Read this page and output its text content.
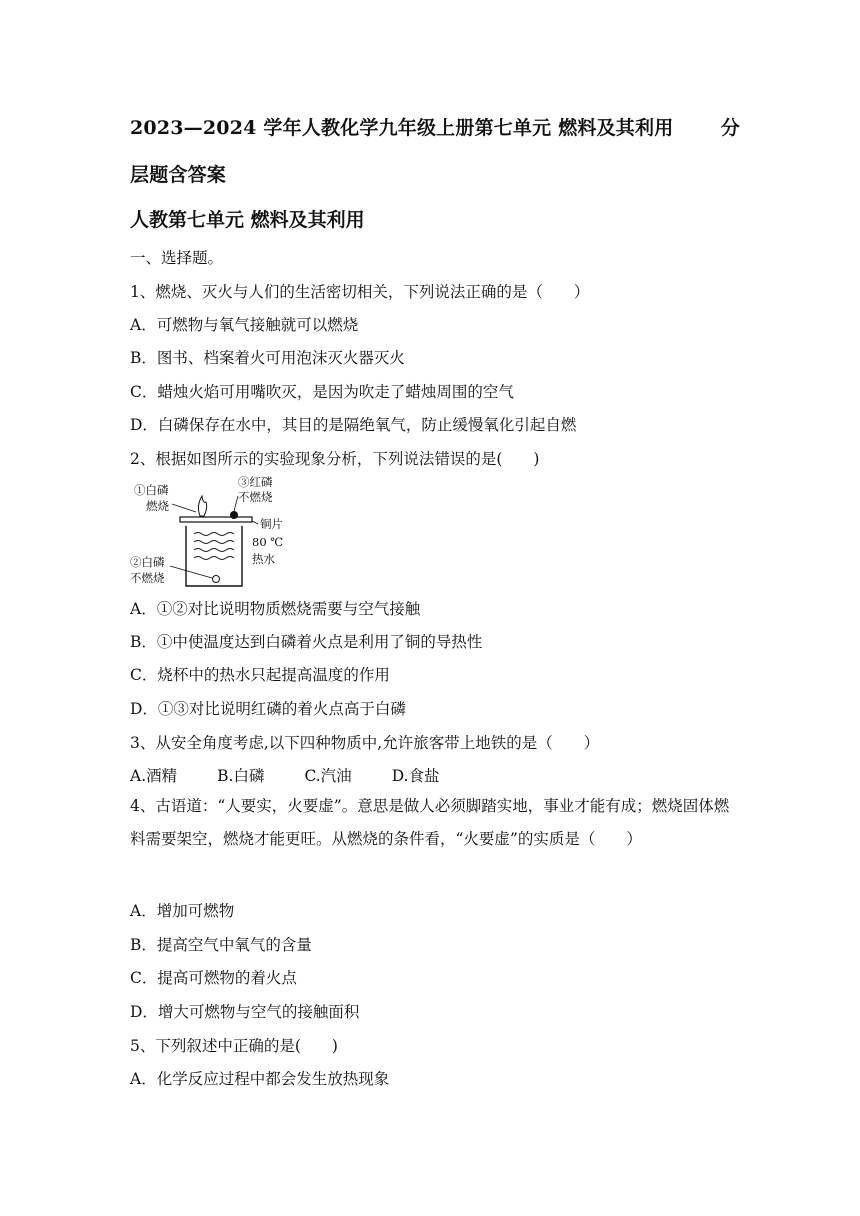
2023—2024 学年人教化学九年级上册第七单元 燃料及其利用 分
层题含答案
人教第七单元 燃料及其利用
一、选择题。
1、燃烧、灭火与人们的生活密切相关，下列说法正确的是（　　）
A．可燃物与氧气接触就可以燃烧
B．图书、档案着火可用泡沫灭火器灭火
C．蜡烛火焰可用嘴吹灭，是因为吹走了蜡烛周围的空气
D．白磷保存在水中，其目的是隔绝氧气，防止缓慢氧化引起自燃
2、根据如图所示的实验现象分析，下列说法错误的是(　　)
①白磷
燃烧
③红磷
不燃烧
铜片
80 ℃
热水
②白磷
不燃烧
A．①②对比说明物质燃烧需要与空气接触
B．①中使温度达到白磷着火点是利用了铜的导热性
C．烧杯中的热水只起提高温度的作用
D．①③对比说明红磷的着火点高于白磷
3、从安全角度考虑,以下四种物质中,允许旅客带上地铁的是（　　）
A.酒精	B.白磷	C.汽油	D.食盐
4、古语道：“人要实，火要虚”。意思是做人必须脚踏实地，事业才能有成；燃烧固体燃料需要架空，燃烧才能更旺。从燃烧的条件看，“火要虚”的实质是（　　）
A．增加可燃物
B．提高空气中氧气的含量
C．提高可燃物的着火点
D．增大可燃物与空气的接触面积
5、下列叙述中正确的是(　　)
A．化学反应过程中都会发生放热现象
